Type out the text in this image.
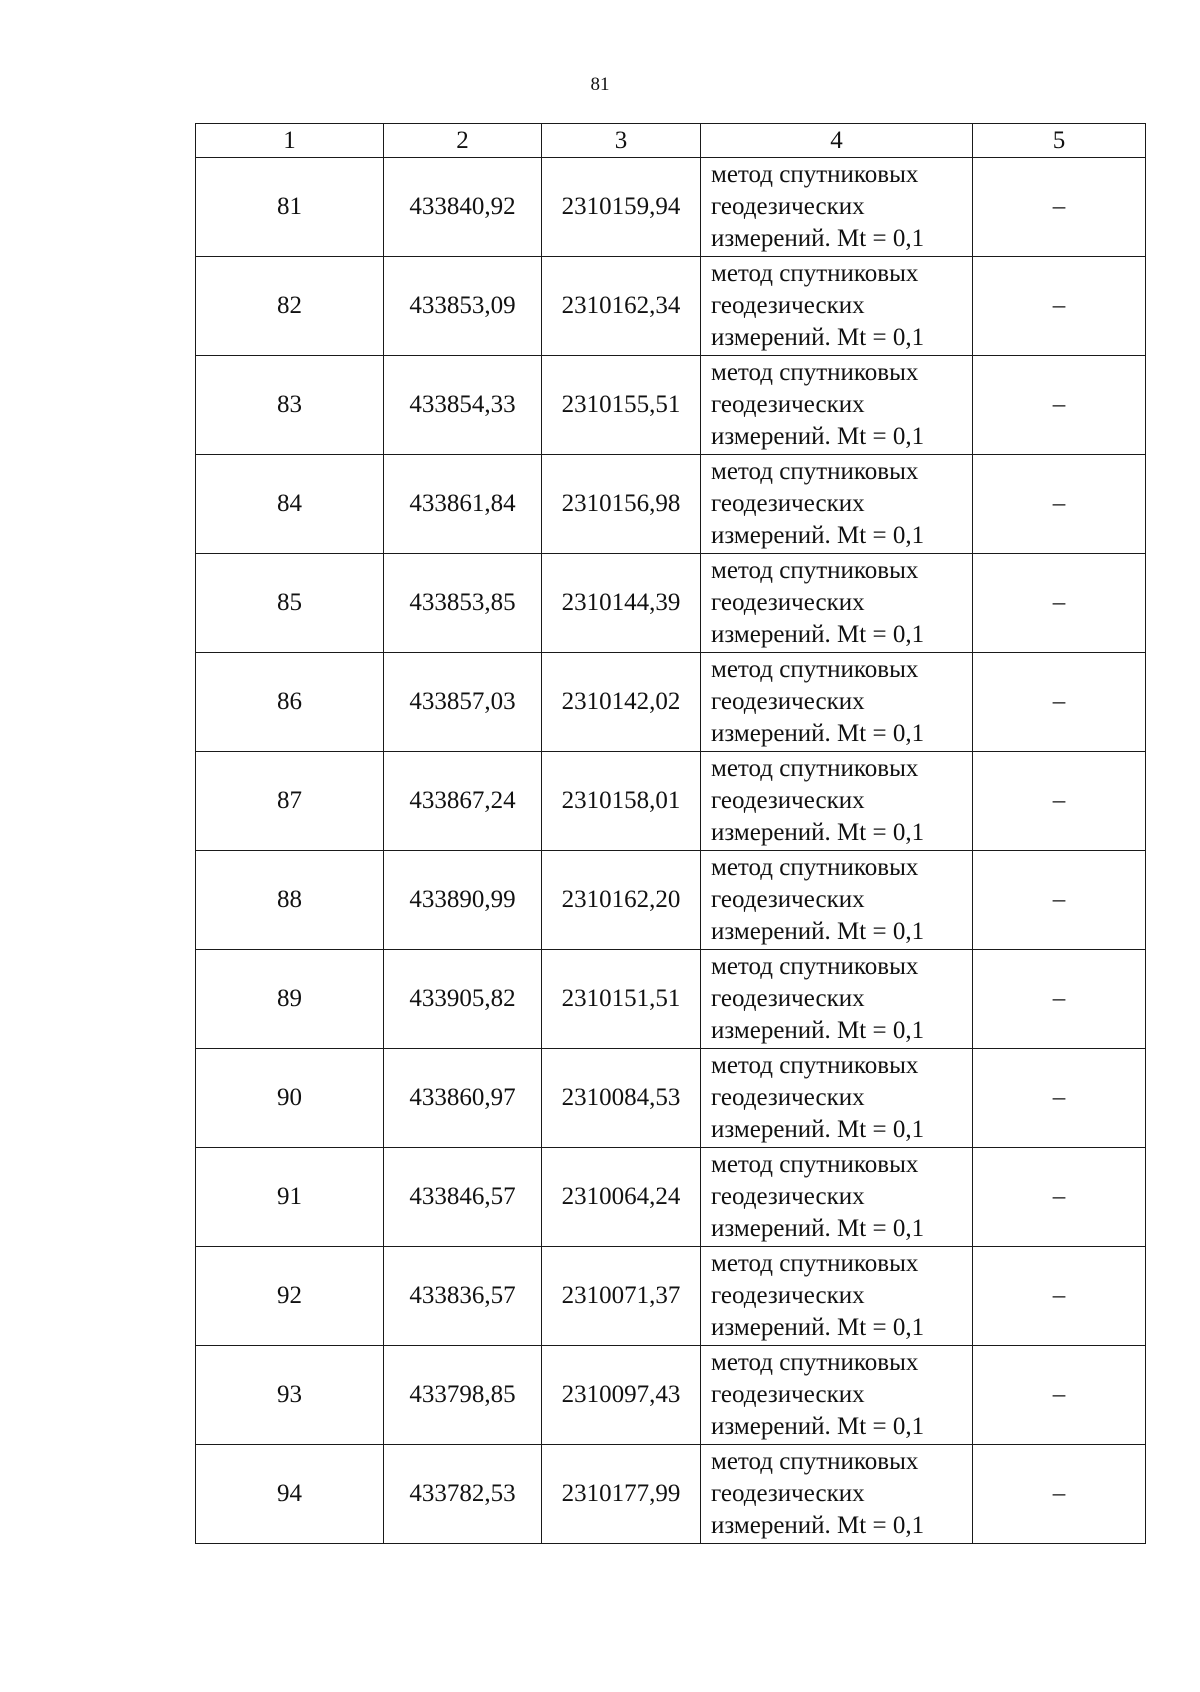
81
1	2	3	4	5
81	433840,92	2310159,94	метод спутниковых
геодезических
измерений. Mt = 0,1	–
82	433853,09	2310162,34	метод спутниковых
геодезических
измерений. Mt = 0,1	–
83	433854,33	2310155,51	метод спутниковых
геодезических
измерений. Mt = 0,1	–
84	433861,84	2310156,98	метод спутниковых
геодезических
измерений. Mt = 0,1	–
85	433853,85	2310144,39	метод спутниковых
геодезических
измерений. Mt = 0,1	–
86	433857,03	2310142,02	метод спутниковых
геодезических
измерений. Mt = 0,1	–
87	433867,24	2310158,01	метод спутниковых
геодезических
измерений. Mt = 0,1	–
88	433890,99	2310162,20	метод спутниковых
геодезических
измерений. Mt = 0,1	–
89	433905,82	2310151,51	метод спутниковых
геодезических
измерений. Mt = 0,1	–
90	433860,97	2310084,53	метод спутниковых
геодезических
измерений. Mt = 0,1	–
91	433846,57	2310064,24	метод спутниковых
геодезических
измерений. Mt = 0,1	–
92	433836,57	2310071,37	метод спутниковых
геодезических
измерений. Mt = 0,1	–
93	433798,85	2310097,43	метод спутниковых
геодезических
измерений. Mt = 0,1	–
94	433782,53	2310177,99	метод спутниковых
геодезических
измерений. Mt = 0,1	–
